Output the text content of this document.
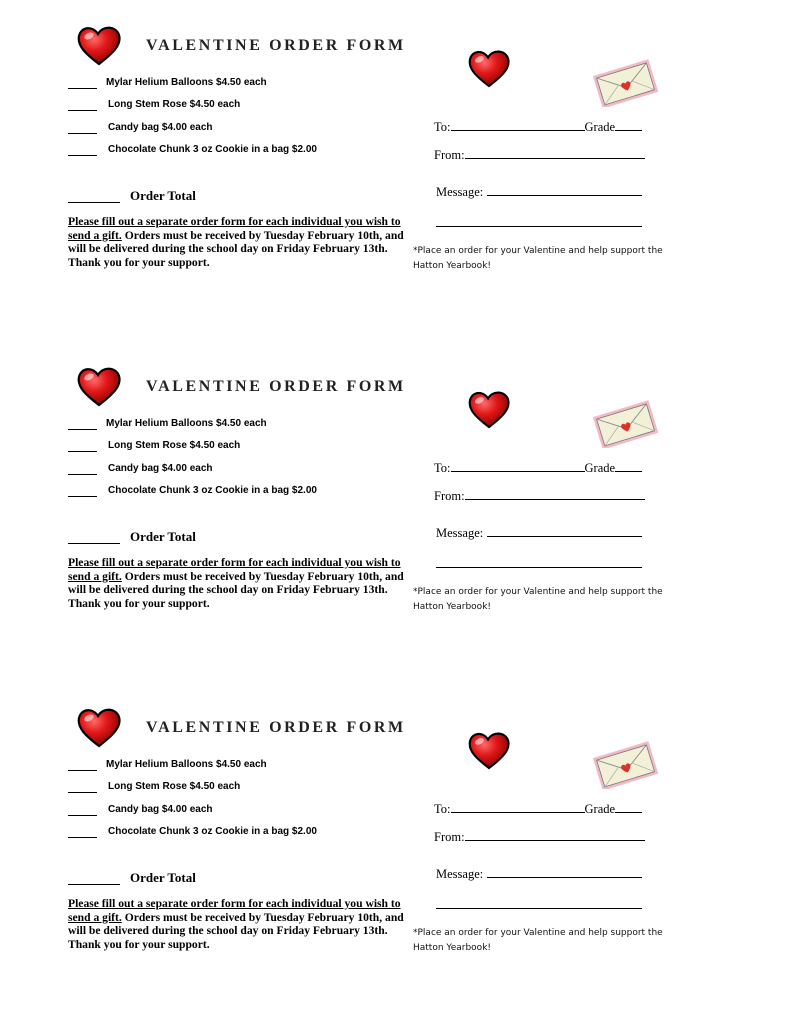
VALENTINE ORDER FORM
Mylar Helium Balloons $4.50 each
Long Stem Rose $4.50 each
Candy bag $4.00 each
Chocolate Chunk 3 oz Cookie in a bag $2.00
Order Total
Please fill out a separate order form for each individual you wish to send a gift. Orders must be received by Tuesday February 10th, and will be delivered during the school day on Friday February 13th. Thank you for your support.
To:	Grade
From:
Message:
*Place an order for your Valentine and help support the Hatton Yearbook!
VALENTINE ORDER FORM
Mylar Helium Balloons $4.50 each
Long Stem Rose $4.50 each
Candy bag $4.00 each
Chocolate Chunk 3 oz Cookie in a bag $2.00
Order Total
Please fill out a separate order form for each individual you wish to send a gift. Orders must be received by Tuesday February 10th, and will be delivered during the school day on Friday February 13th. Thank you for your support.
To:	Grade
From:
Message:
*Place an order for your Valentine and help support the Hatton Yearbook!
VALENTINE ORDER FORM
Mylar Helium Balloons $4.50 each
Long Stem Rose $4.50 each
Candy bag $4.00 each
Chocolate Chunk 3 oz Cookie in a bag $2.00
Order Total
Please fill out a separate order form for each individual you wish to send a gift. Orders must be received by Tuesday February 10th, and will be delivered during the school day on Friday February 13th. Thank you for your support.
To:	Grade
From:
Message:
*Place an order for your Valentine and help support the Hatton Yearbook!
